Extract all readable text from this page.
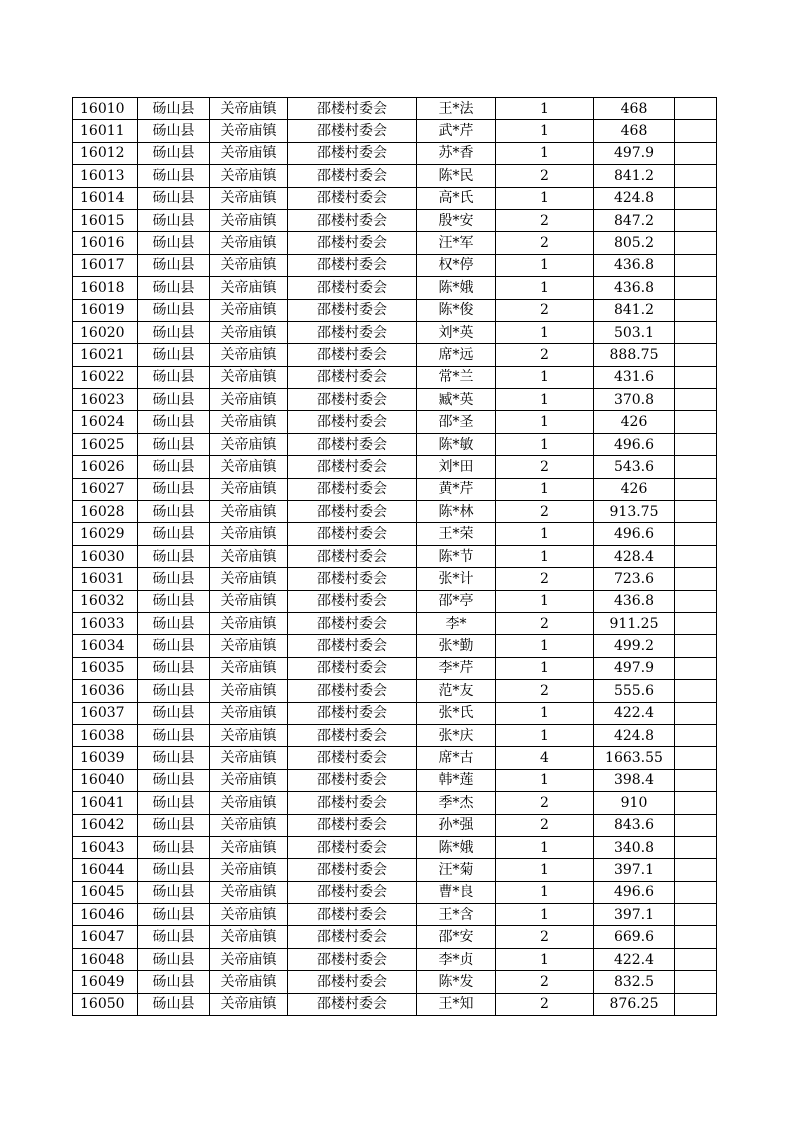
16010	砀山县	关帝庙镇	邵楼村委会	王*法	1	468	
16011	砀山县	关帝庙镇	邵楼村委会	武*芹	1	468	
16012	砀山县	关帝庙镇	邵楼村委会	苏*香	1	497.9	
16013	砀山县	关帝庙镇	邵楼村委会	陈*民	2	841.2	
16014	砀山县	关帝庙镇	邵楼村委会	高*氏	1	424.8	
16015	砀山县	关帝庙镇	邵楼村委会	殷*安	2	847.2	
16016	砀山县	关帝庙镇	邵楼村委会	汪*军	2	805.2	
16017	砀山县	关帝庙镇	邵楼村委会	权*停	1	436.8	
16018	砀山县	关帝庙镇	邵楼村委会	陈*娥	1	436.8	
16019	砀山县	关帝庙镇	邵楼村委会	陈*俊	2	841.2	
16020	砀山县	关帝庙镇	邵楼村委会	刘*英	1	503.1	
16021	砀山县	关帝庙镇	邵楼村委会	席*远	2	888.75	
16022	砀山县	关帝庙镇	邵楼村委会	常*兰	1	431.6	
16023	砀山县	关帝庙镇	邵楼村委会	臧*英	1	370.8	
16024	砀山县	关帝庙镇	邵楼村委会	邵*圣	1	426	
16025	砀山县	关帝庙镇	邵楼村委会	陈*敏	1	496.6	
16026	砀山县	关帝庙镇	邵楼村委会	刘*田	2	543.6	
16027	砀山县	关帝庙镇	邵楼村委会	黄*芹	1	426	
16028	砀山县	关帝庙镇	邵楼村委会	陈*林	2	913.75	
16029	砀山县	关帝庙镇	邵楼村委会	王*荣	1	496.6	
16030	砀山县	关帝庙镇	邵楼村委会	陈*节	1	428.4	
16031	砀山县	关帝庙镇	邵楼村委会	张*计	2	723.6	
16032	砀山县	关帝庙镇	邵楼村委会	邵*亭	1	436.8	
16033	砀山县	关帝庙镇	邵楼村委会	李*	2	911.25	
16034	砀山县	关帝庙镇	邵楼村委会	张*勤	1	499.2	
16035	砀山县	关帝庙镇	邵楼村委会	李*芹	1	497.9	
16036	砀山县	关帝庙镇	邵楼村委会	范*友	2	555.6	
16037	砀山县	关帝庙镇	邵楼村委会	张*氏	1	422.4	
16038	砀山县	关帝庙镇	邵楼村委会	张*庆	1	424.8	
16039	砀山县	关帝庙镇	邵楼村委会	席*古	4	1663.55	
16040	砀山县	关帝庙镇	邵楼村委会	韩*莲	1	398.4	
16041	砀山县	关帝庙镇	邵楼村委会	季*杰	2	910	
16042	砀山县	关帝庙镇	邵楼村委会	孙*强	2	843.6	
16043	砀山县	关帝庙镇	邵楼村委会	陈*娥	1	340.8	
16044	砀山县	关帝庙镇	邵楼村委会	汪*菊	1	397.1	
16045	砀山县	关帝庙镇	邵楼村委会	曹*良	1	496.6	
16046	砀山县	关帝庙镇	邵楼村委会	王*含	1	397.1	
16047	砀山县	关帝庙镇	邵楼村委会	邵*安	2	669.6	
16048	砀山县	关帝庙镇	邵楼村委会	李*贞	1	422.4	
16049	砀山县	关帝庙镇	邵楼村委会	陈*发	2	832.5	
16050	砀山县	关帝庙镇	邵楼村委会	王*知	2	876.25	
